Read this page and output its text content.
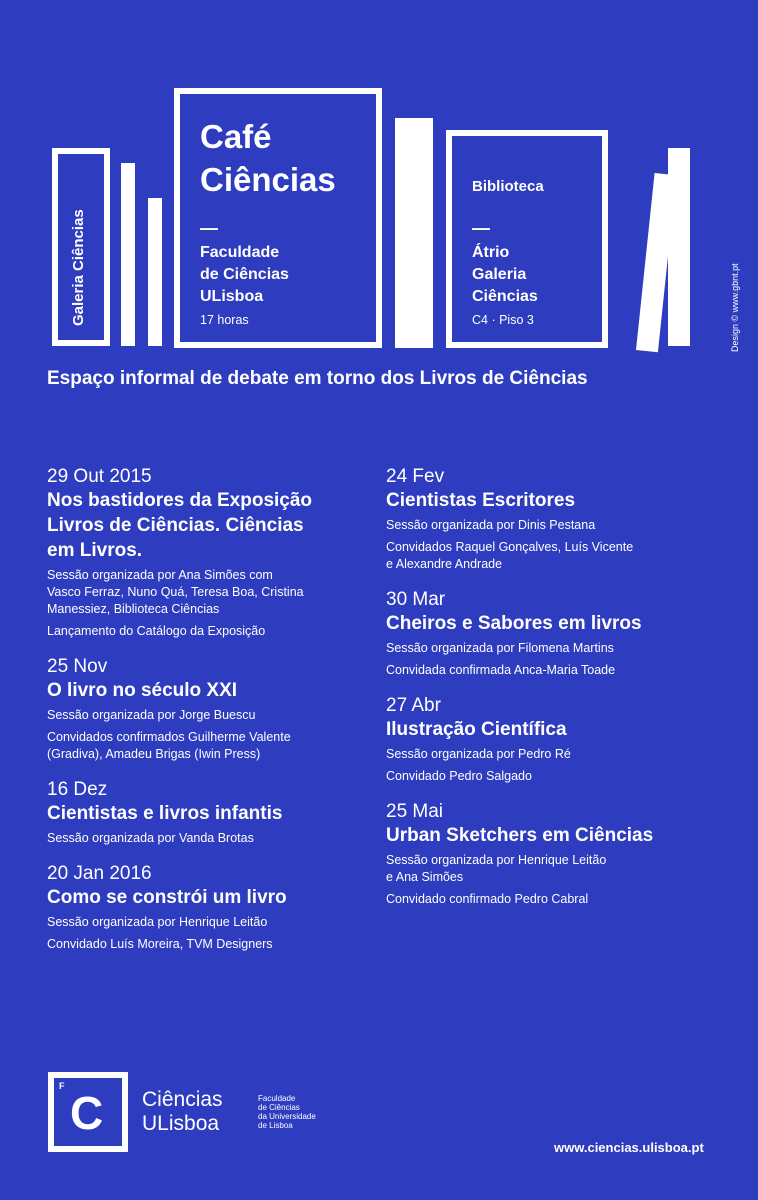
Galeria Ciências
Café
Ciências
—
Faculdade
de Ciências
ULisboa
17 horas
Biblioteca
—
Átrio
Galeria
Ciências
C4 · Piso 3	Design © www.gbnt.pt
Espaço informal de debate em torno dos Livros de Ciências
29 Out 2015
Nos bastidores da Exposição
Livros de Ciências. Ciências
em Livros.
Sessão organizada por Ana Simões com
Vasco Ferraz, Nuno Quá, Teresa Boa, Cristina
Manessiez, Biblioteca Ciências
Lançamento do Catálogo da Exposição
25 Nov
O livro no século XXI
Sessão organizada por Jorge Buescu
Convidados confirmados Guilherme Valente
(Gradiva), Amadeu Brigas (Iwin Press)
16 Dez
Cientistas e livros infantis
Sessão organizada por Vanda Brotas
20 Jan 2016
Como se constrói um livro
Sessão organizada por Henrique Leitão
Convidado Luís Moreira, TVM Designers
24 Fev
Cientistas Escritores
Sessão organizada por Dinis Pestana
Convidados Raquel Gonçalves, Luís Vicente
e Alexandre Andrade
30 Mar
Cheiros e Sabores em livros
Sessão organizada por Filomena Martins
Convidada confirmada Anca-Maria Toade
27 Abr
Ilustração Científica
Sessão organizada por Pedro Ré
Convidado Pedro Salgado
25 Mai
Urban Sketchers em Ciências
Sessão organizada por Henrique Leitão
e Ana Simões
Convidado confirmado Pedro Cabral
F
C Ciências
ULisboa
Faculdade
de Ciências
da Universidade
de Lisboa
www.ciencias.ulisboa.pt
